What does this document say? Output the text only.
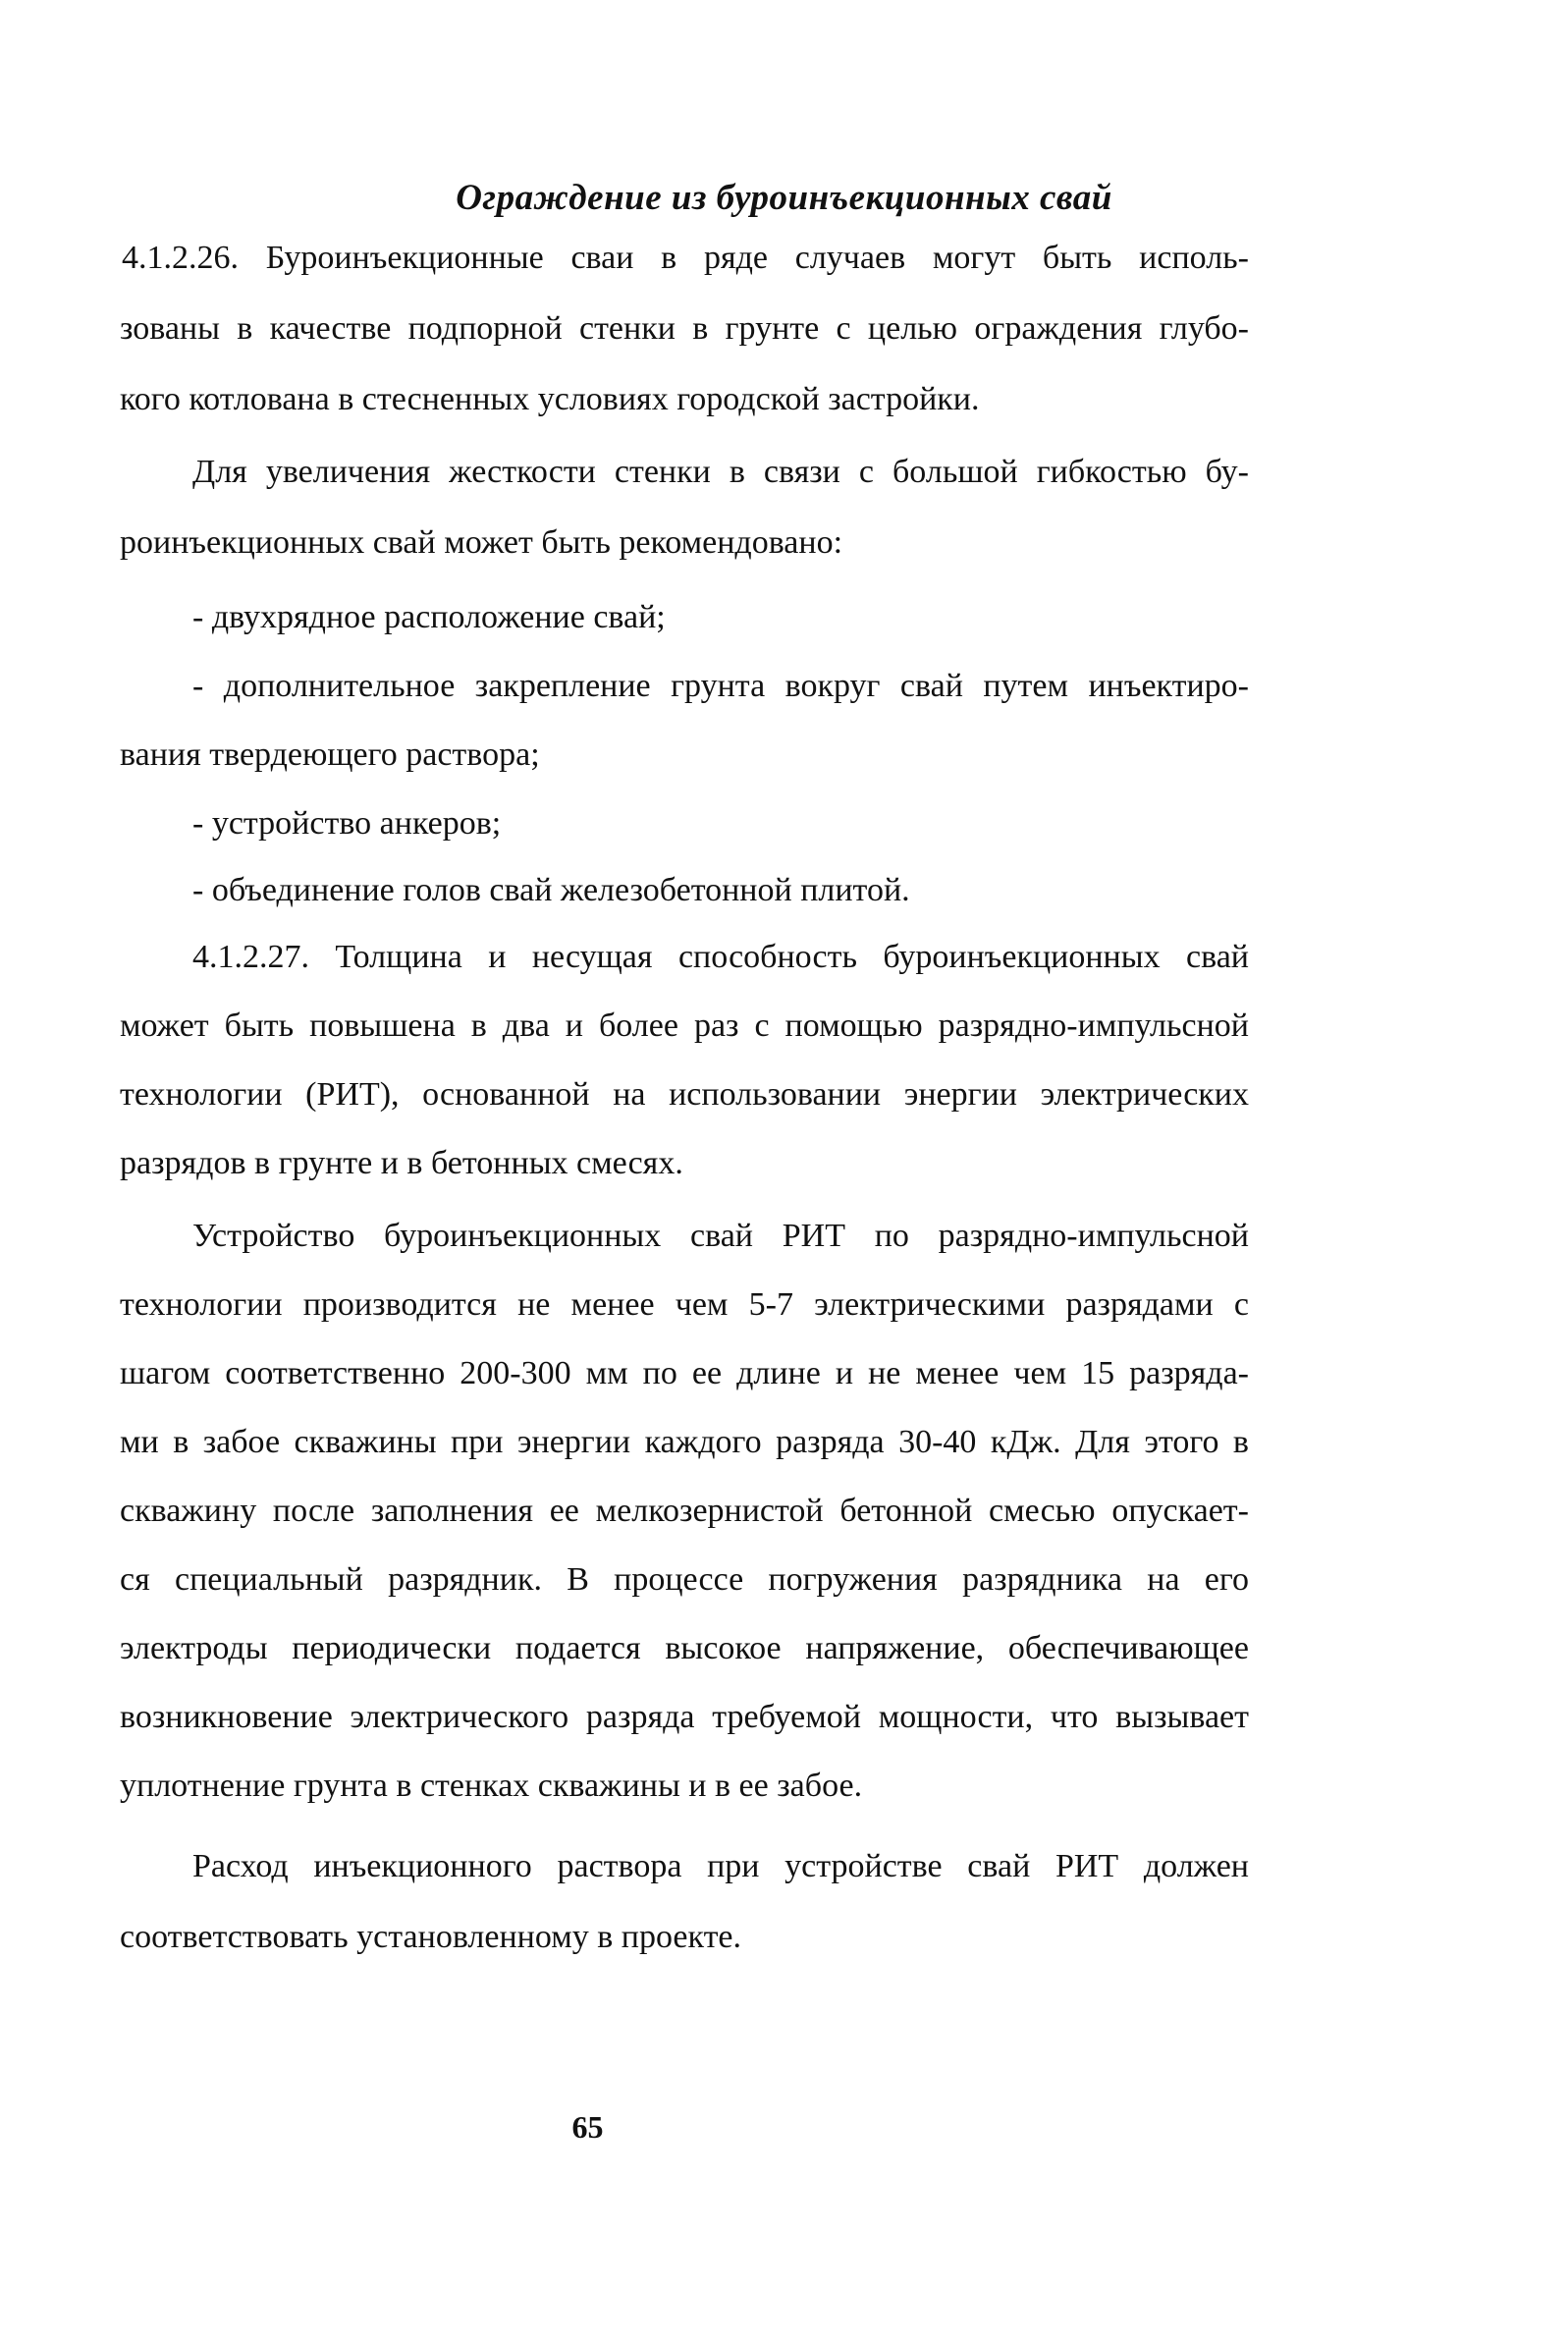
Ограждение из буроинъекционных свай
4.1.2.26. Буроинъекционные сваи в ряде случаев могут быть исполь-
зованы в качестве подпорной стенки в грунте с целью ограждения глубо-
кого котлована в стесненных условиях городской застройки.
Для увеличения жесткости стенки в связи с большой гибкостью бу-
роинъекционных свай может быть рекомендовано:
- двухрядное расположение свай;
- дополнительное закрепление грунта вокруг свай путем инъектиро-
вания твердеющего раствора;
- устройство анкеров;
- объединение голов свай железобетонной плитой.
4.1.2.27. Толщина и несущая способность буроинъекционных свай
может быть повышена в два и более раз с помощью разрядно-импульсной
технологии (РИТ), основанной на использовании энергии электрических
разрядов в грунте и в бетонных смесях.
Устройство буроинъекционных свай РИТ по разрядно-импульсной
технологии производится не менее чем 5-7 электрическими разрядами с
шагом соответственно 200-300 мм по ее длине и не менее чем 15 разряда-
ми в забое скважины при энергии каждого разряда 30-40 кДж. Для этого в
скважину после заполнения ее мелкозернистой бетонной смесью опускает-
ся специальный разрядник. В процессе погружения разрядника на его
электроды периодически подается высокое напряжение, обеспечивающее
возникновение электрического разряда требуемой мощности, что вызывает
уплотнение грунта в стенках скважины и в ее забое.
Расход инъекционного раствора при устройстве свай РИТ должен
соответствовать установленному в проекте.
65
